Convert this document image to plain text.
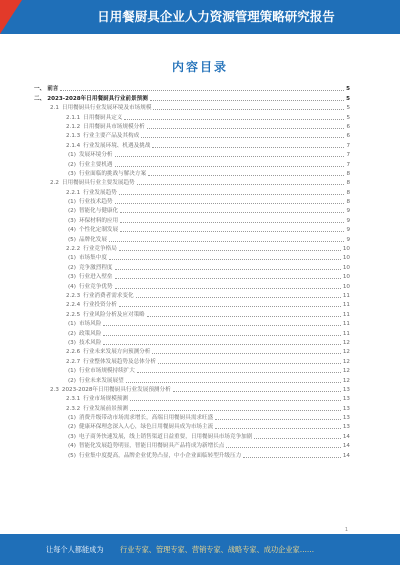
日用餐厨具企业人力资源管理策略研究报告
内容目录
一、 前言	5
二、 2023-2028年日用餐厨具行业前景预测	5
2.1 日用餐厨具行业发展环境及市场规模	5
2.1.1 日用餐厨具定义	5
2.1.2 日用餐厨具市场规模分析	6
2.1.3 行业主要产品及其构成	6
2.1.4 行业发展环境、机遇及挑战	7
(1) 发展环境分析	7
(2) 行业主要机遇	7
(3) 行业面临的挑战与解决方案	8
2.2 日用餐厨具行业主要发展趋势	8
2.2.1 行业发展趋势	8
(1) 行业技术趋势	8
(2) 智能化与健康化	9
(3) 环保材料的应用	9
(4) 个性化定制发展	9
(5) 品牌化发展	9
2.2.2 行业竞争格局	10
(1) 市场集中度	10
(2) 竞争激烈程度	10
(3) 行业进入壁垒	10
(4) 行业竞争优势	10
2.2.3 行业消费者需求变化	11
2.2.4 行业投资分析	11
2.2.5 行业风险分析及应对策略	11
(1) 市场风险	11
(2) 政策风险	11
(3) 技术风险	12
2.2.6 行业未来发展方向预测分析	12
2.2.7 行业整体发展趋势及总体分析	12
(1) 行业市场规模持续扩大	12
(2) 行业未来发展展望	12
2.3 2023-2028年日用餐厨具行业发展预测分析	13
2.3.1 行业市场规模预测	13
2.3.2 行业发展前景预测	13
(1) 消费升级带动市场需求增长，高端日用餐厨具需求旺盛	13
(2) 健康环保理念深入人心，绿色日用餐厨具成为市场主流	13
(3) 电子商务快速发展，线上销售渠道日益重要，日用餐厨具市场竞争加剧	14
(4) 智能化发展趋势明显，智能日用餐厨具产品将成为新增长点	14
(5) 行业集中度提高，品牌企业优势凸显，中小企业面临转型升级压力	14
1
让每个人都能成为 行业专家、管理专家、营销专家、战略专家、成功企业家……
